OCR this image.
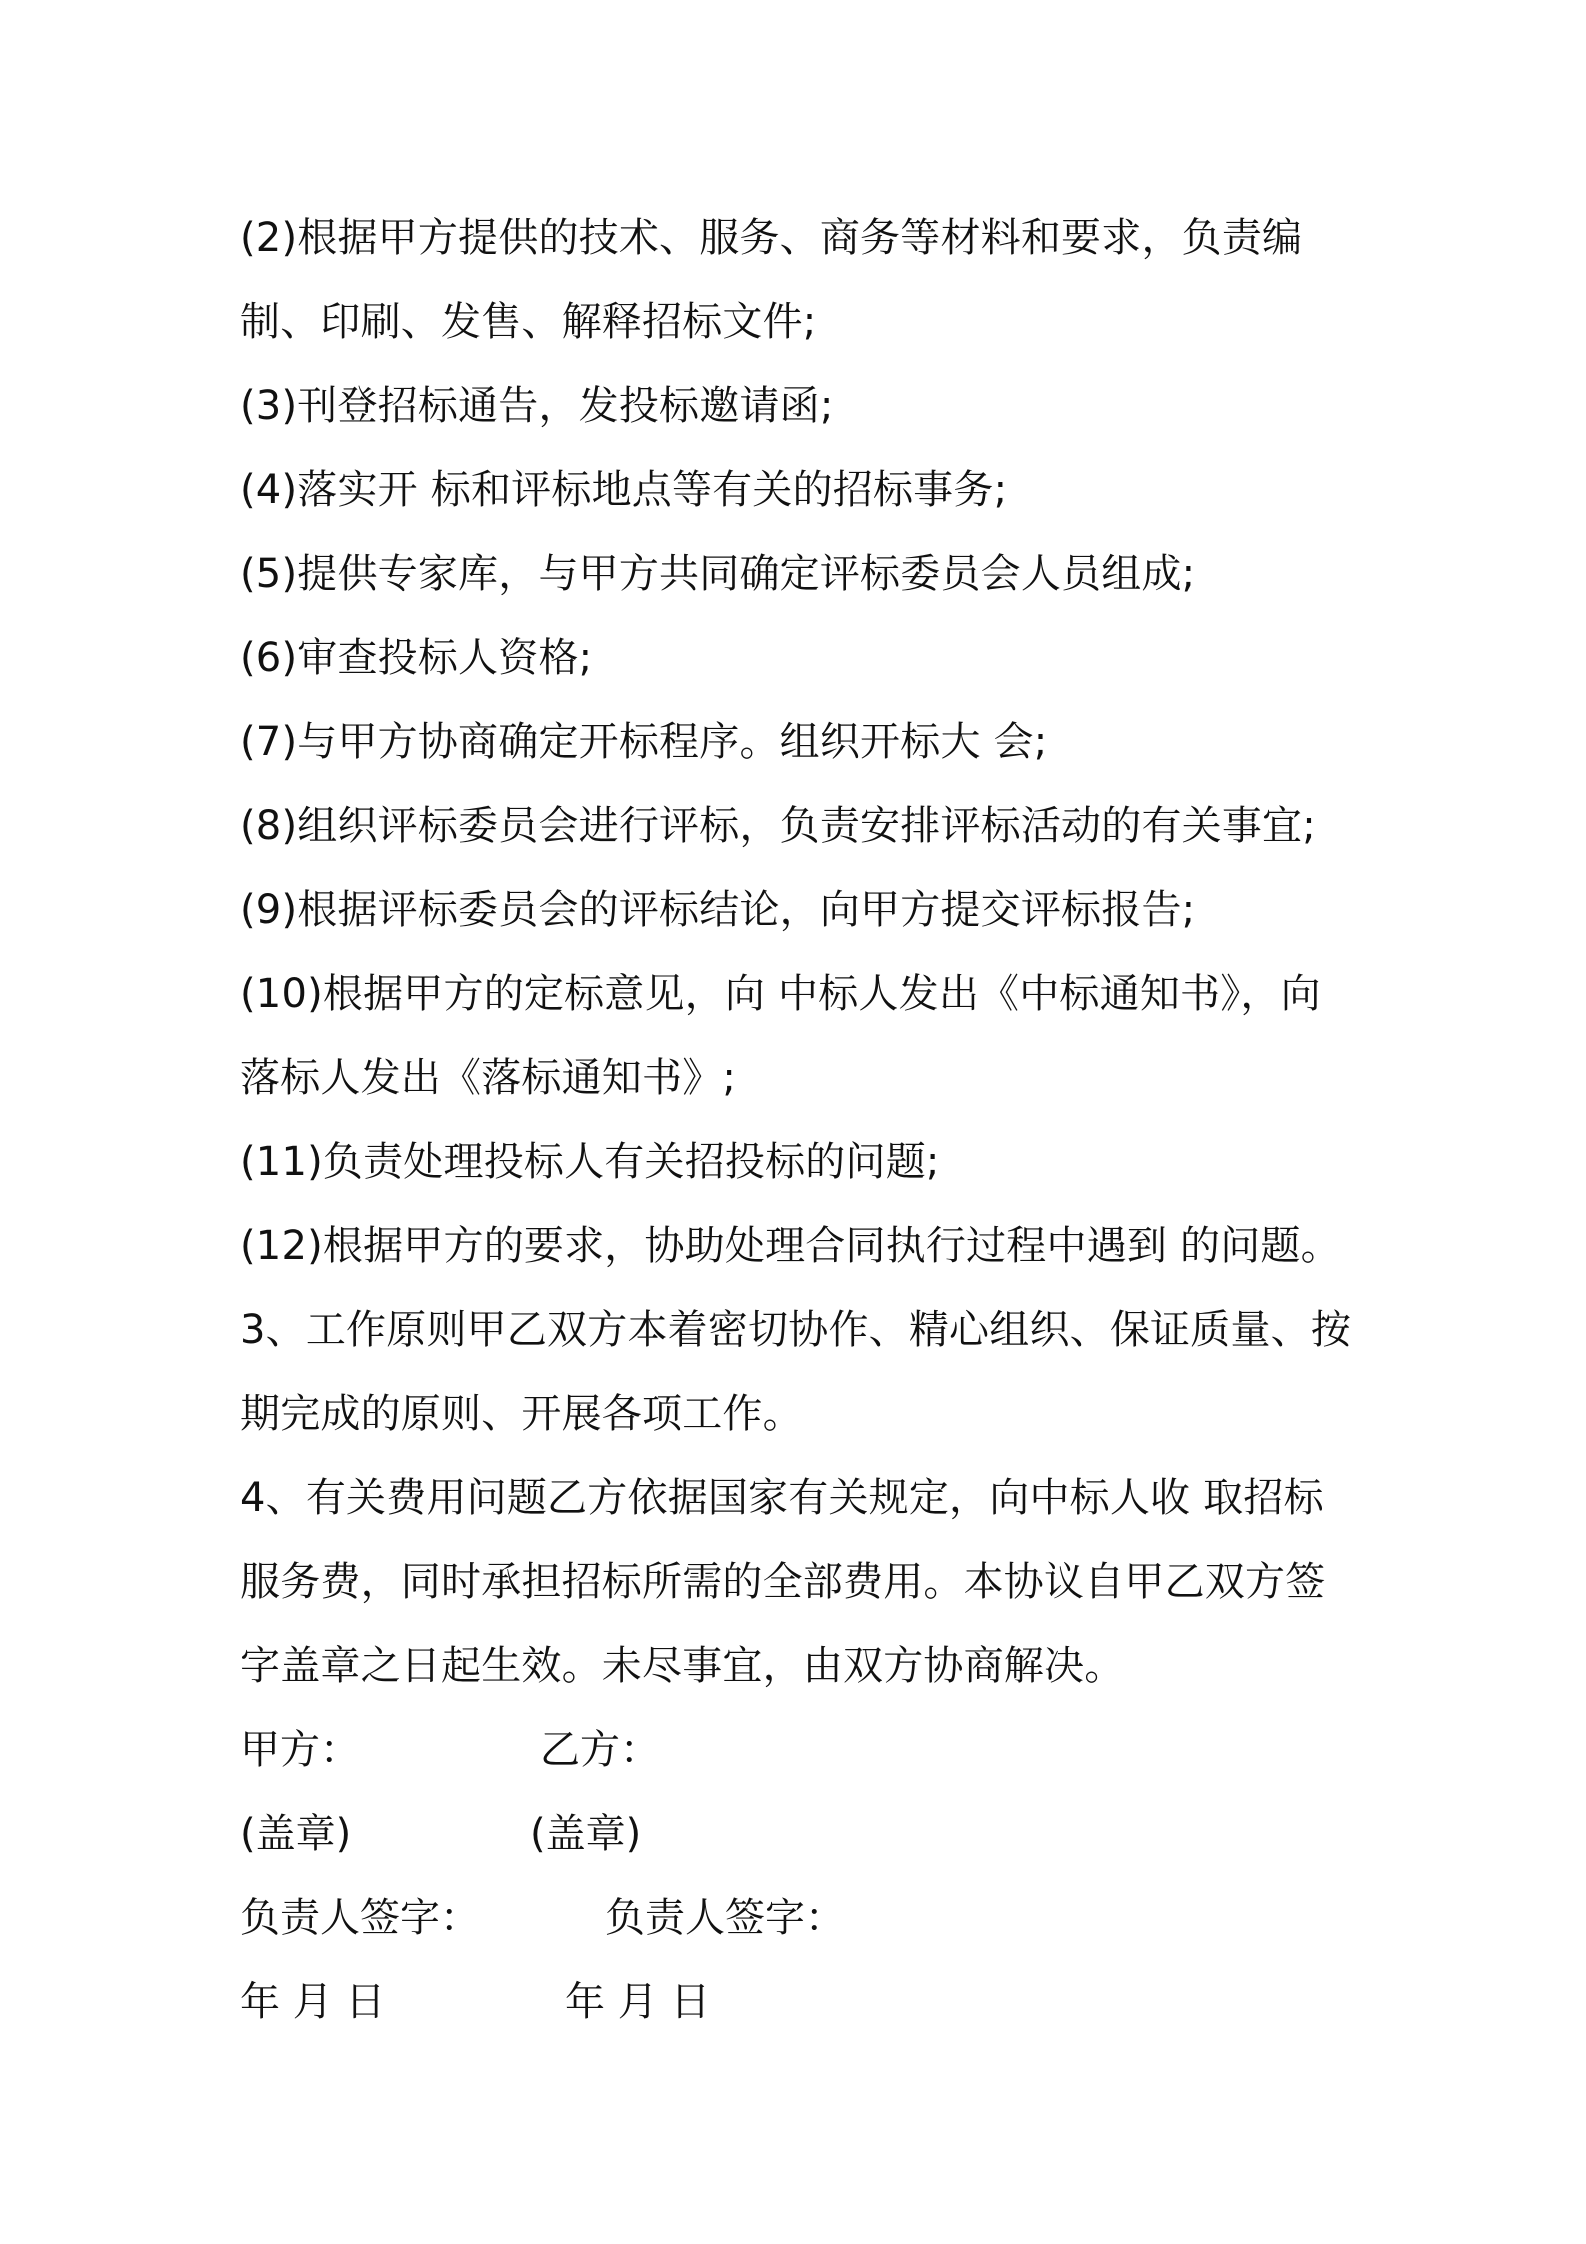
(2)根据甲方提供的技术、服务、商务等材料和要求，负责编制、印刷、发售、解释招标文件;

(3)刊登招标通告，发投标邀请函;

(4)落实开 标和评标地点等有关的招标事务;

(5)提供专家库，与甲方共同确定评标委员会人员组成;

(6)审查投标人资格;

(7)与甲方协商确定开标程序。组织开标大 会;

(8)组织评标委员会进行评标，负责安排评标活动的有关事宜;

(9)根据评标委员会的评标结论，向甲方提交评标报告;

(10)根据甲方的定标意见，向 中标人发出《中标通知书》，向落标人发出《落标通知书》;

(11)负责处理投标人有关招投标的问题;

(12)根据甲方的要求，协助处理合同执行过程中遇到 的问题。

3、工作原则甲乙双方本着密切协作、精心组织、保证质量、按期完成的原则、开展各项工作。

4、有关费用问题乙方依据国家有关规定，向中标人收 取招标服务费，同时承担招标所需的全部费用。本协议自甲乙双方签字盖章之日起生效。未尽事宜，由双方协商解决。

甲方：	乙方：
(盖章)	(盖章)
负责人签字：	负责人签字：
年 月 日	年 月 日
